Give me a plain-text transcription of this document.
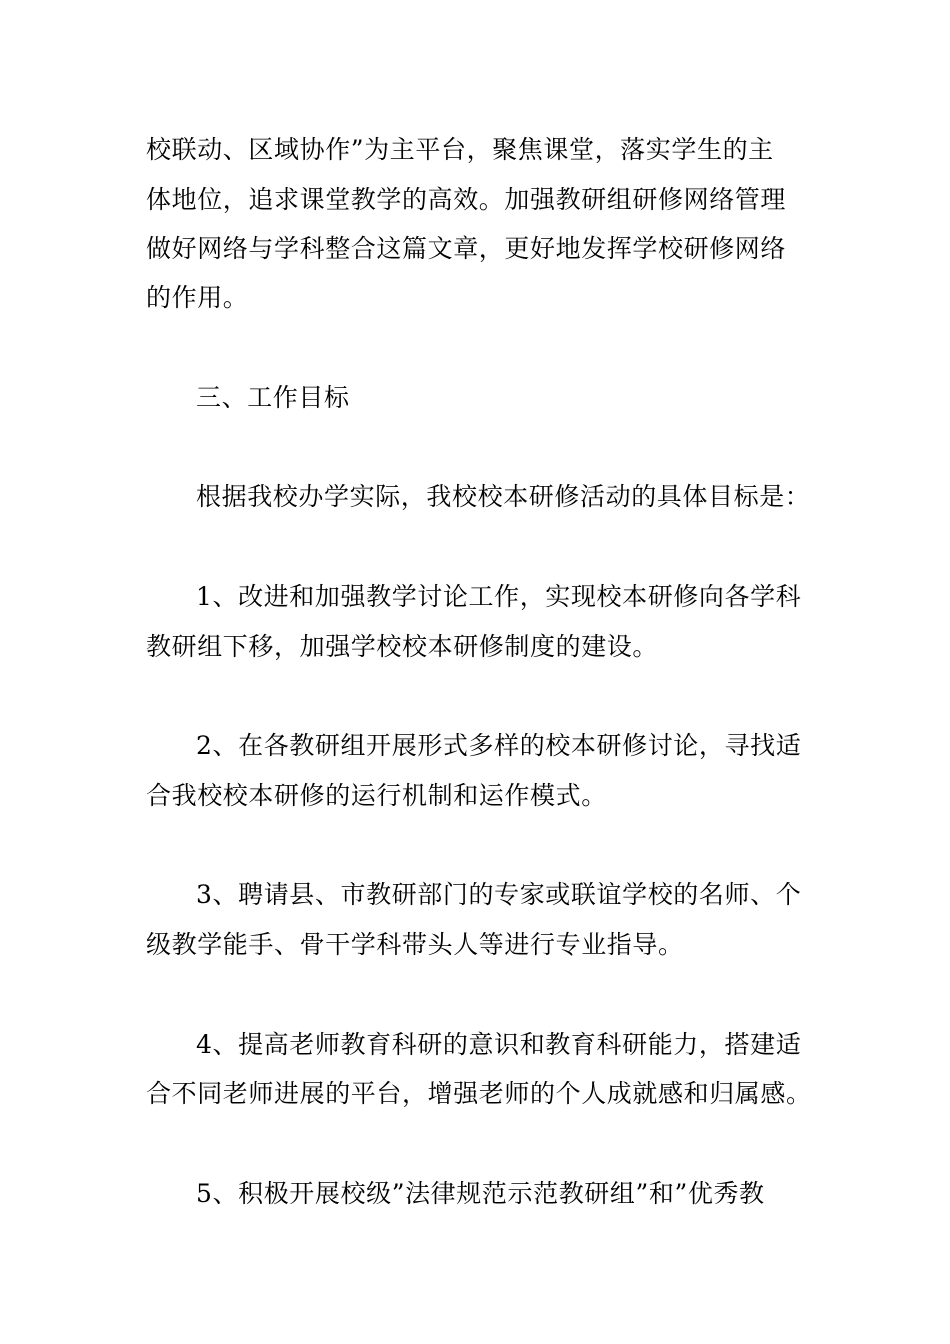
校联动、区域协作”为主平台，聚焦课堂，落实学生的主
体地位，追求课堂教学的高效。加强教研组研修网络管理
做好网络与学科整合这篇文章，更好地发挥学校研修网络
的作用。
三、工作目标
根据我校办学实际，我校校本研修活动的具体目标是：
1、改进和加强教学讨论工作，实现校本研修向各学科
教研组下移，加强学校校本研修制度的建设。
2、在各教研组开展形式多样的校本研修讨论，寻找适
合我校校本研修的运行机制和运作模式。
3、聘请县、市教研部门的专家或联谊学校的名师、个
级教学能手、骨干学科带头人等进行专业指导。
4、提高老师教育科研的意识和教育科研能力，搭建适
合不同老师进展的平台，增强老师的个人成就感和归属感。
5、积极开展校级”法律规范示范教研组”和”优秀教
